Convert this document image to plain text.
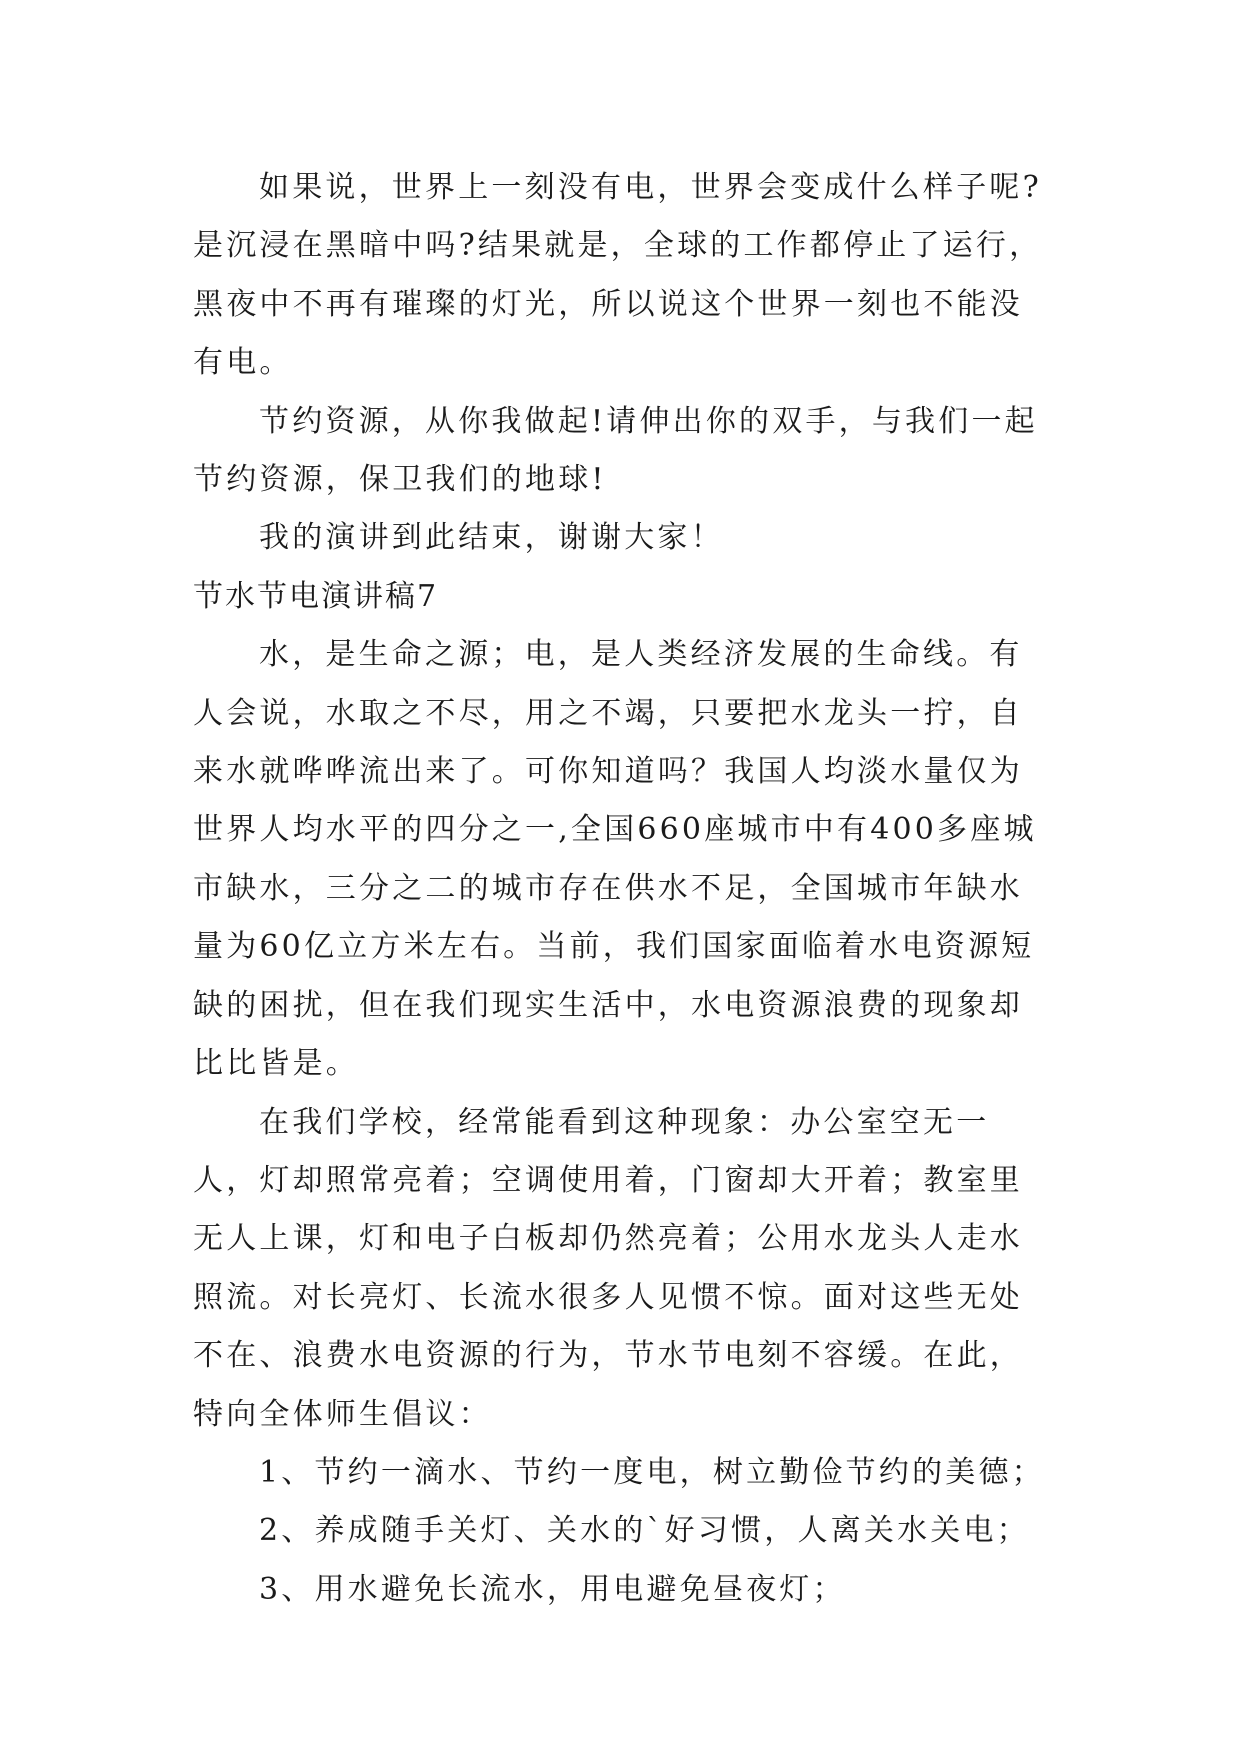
如果说，世界上一刻没有电，世界会变成什么样子呢?是沉浸在黑暗中吗?结果就是，全球的工作都停止了运行，黑夜中不再有璀璨的灯光，所以说这个世界一刻也不能没有电。

节约资源，从你我做起!请伸出你的双手，与我们一起节约资源，保卫我们的地球!

我的演讲到此结束，谢谢大家！

节水节电演讲稿7

水，是生命之源；电，是人类经济发展的生命线。有人会说，水取之不尽，用之不竭，只要把水龙头一拧，自来水就哗哗流出来了。可你知道吗？我国人均淡水量仅为世界人均水平的四分之一,全国660座城市中有400多座城市缺水，三分之二的城市存在供水不足，全国城市年缺水量为60亿立方米左右。当前，我们国家面临着水电资源短缺的困扰，但在我们现实生活中，水电资源浪费的现象却比比皆是。

在我们学校，经常能看到这种现象：办公室空无一人，灯却照常亮着；空调使用着，门窗却大开着；教室里无人上课，灯和电子白板却仍然亮着；公用水龙头人走水照流。对长亮灯、长流水很多人见惯不惊。面对这些无处不在、浪费水电资源的行为，节水节电刻不容缓。在此，特向全体师生倡议：

1、节约一滴水、节约一度电，树立勤俭节约的美德；

2、养成随手关灯、关水的`好习惯，人离关水关电；

3、用水避免长流水，用电避免昼夜灯；
